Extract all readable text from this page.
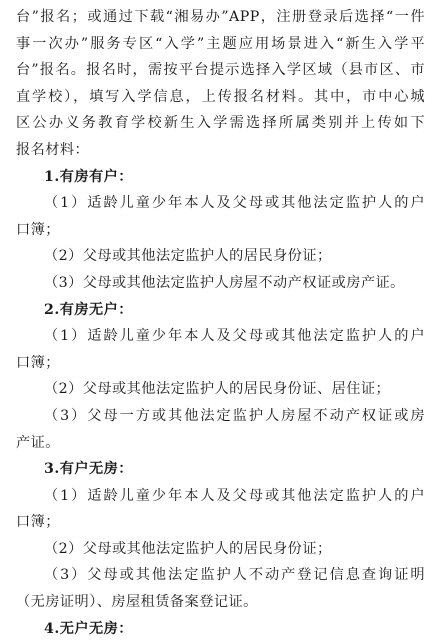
台”报名；或通过下载“湘易办”APP，注册登录后选择“一件
事一次办”服务专区“入学”主题应用场景进入“新生入学平
台”报名。报名时，需按平台提示选择入学区域（县市区、市
直学校），填写入学信息，上传报名材料。其中，市中心城
区公办义务教育学校新生入学需选择所属类别并上传如下
报名材料：
1.有房有户：
（1）适龄儿童少年本人及父母或其他法定监护人的户
口簿；
（2）父母或其他法定监护人的居民身份证；
（3）父母或其他法定监护人房屋不动产权证或房产证。
2.有房无户：
（1）适龄儿童少年本人及父母或其他法定监护人的户
口簿；
（2）父母或其他法定监护人的居民身份证、居住证；
（3）父母一方或其他法定监护人房屋不动产权证或房
产证。
3.有户无房：
（1）适龄儿童少年本人及父母或其他法定监护人的户
口簿；
（2）父母或其他法定监护人的居民身份证；
（3）父母或其他法定监护人不动产登记信息查询证明
（无房证明）、房屋租赁备案登记证。
4.无户无房：
